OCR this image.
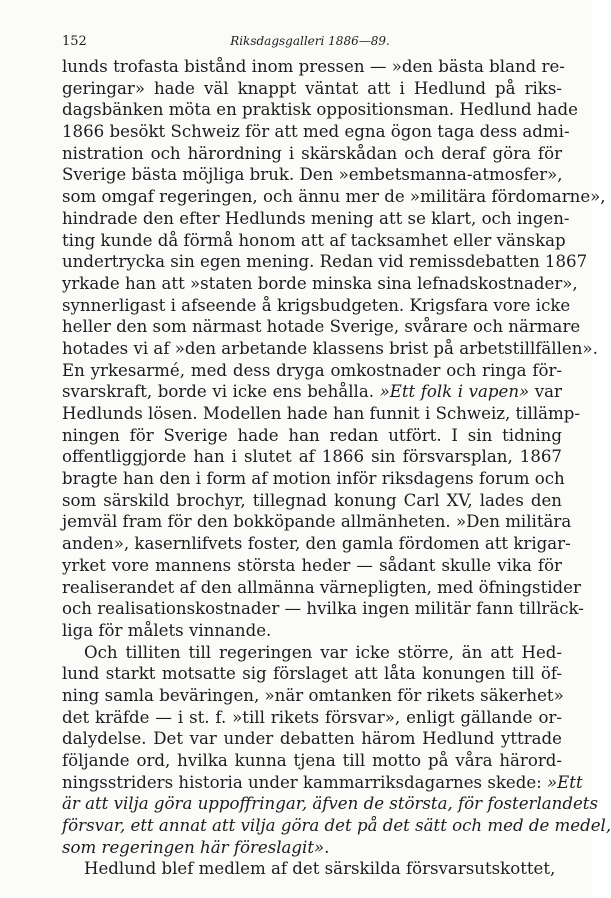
152	Riksdagsgalleri 1886—89.
lunds trofasta bistånd inom pressen — »den bästa bland re-
geringar» hade väl knappt väntat att i Hedlund på riks-
dagsbänken möta en praktisk oppositionsman. Hedlund hade
1866 besökt Schweiz för att med egna ögon taga dess admi-
nistration och härordning i skärskådan och deraf göra för
Sverige bästa möjliga bruk. Den »embetsmanna-atmosfer»,
som omgaf regeringen, och ännu mer de »militära fördomarne»,
hindrade den efter Hedlunds mening att se klart, och ingen-
ting kunde då förmå honom att af tacksamhet eller vänskap
undertrycka sin egen mening. Redan vid remissdebatten 1867
yrkade han att »staten borde minska sina lefnadskostnader»,
synnerligast i afseende å krigsbudgeten. Krigsfara vore icke
heller den som närmast hotade Sverige, svårare och närmare
hotades vi af »den arbetande klassens brist på arbetstillfällen».
En yrkesarmé, med dess dryga omkostnader och ringa för-
svarskraft, borde vi icke ens behålla. »Ett folk i vapen» var
Hedlunds lösen. Modellen hade han funnit i Schweiz, tillämp-
ningen för Sverige hade han redan utfört. I sin tidning
offentliggjorde han i slutet af 1866 sin försvarsplan, 1867
bragte han den i form af motion inför riksdagens forum och
som särskild brochyr, tillegnad konung Carl XV, lades den
jemväl fram för den bokköpande allmänheten. »Den militära
anden», kasernlifvets foster, den gamla fördomen att krigar-
yrket vore mannens största heder — sådant skulle vika för
realiserandet af den allmänna värnepligten, med öfningstider
och realisationskostnader — hvilka ingen militär fann tillräck-
liga för målets vinnande.
Och tilliten till regeringen var icke större, än att Hed-
lund starkt motsatte sig förslaget att låta konungen till öf-
ning samla beväringen, »när omtanken för rikets säkerhet»
det kräfde — i st. f. »till rikets försvar», enligt gällande or-
dalydelse. Det var under debatten härom Hedlund yttrade
följande ord, hvilka kunna tjena till motto på våra härord-
ningsstriders historia under kammarriksdagarnes skede: »Ett
är att vilja göra uppoffringar, äfven de största, för fosterlandets
försvar, ett annat att vilja göra det på det sätt och med de medel,
som regeringen här föreslagit».
Hedlund blef medlem af det särskilda försvarsutskottet,
